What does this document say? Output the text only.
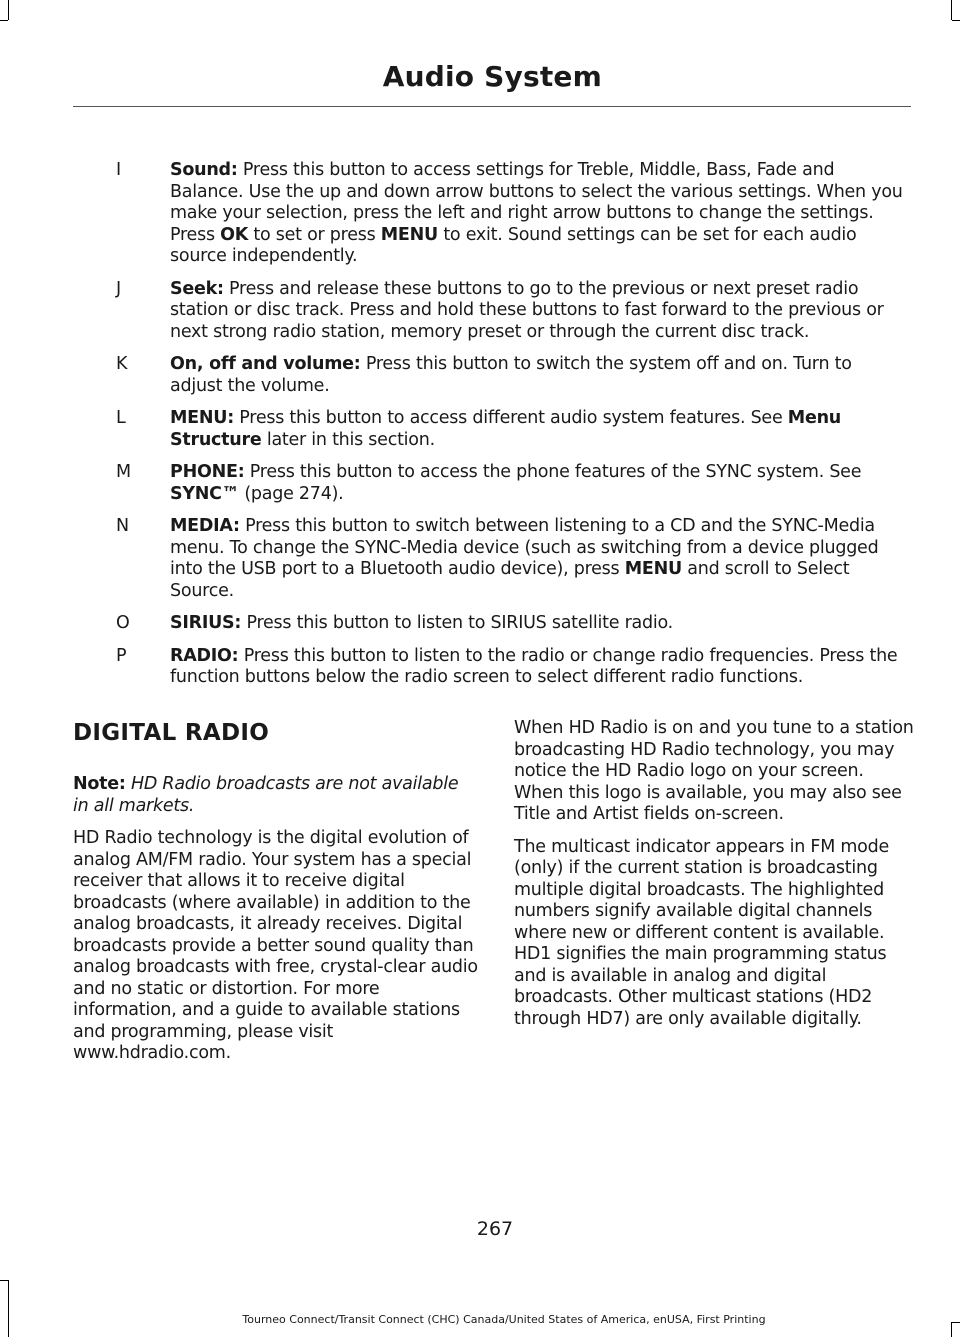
Audio System
I	Sound: Press this button to access settings for Treble, Middle, Bass, Fade and Balance. Use the up and down arrow buttons to select the various settings. When you make your selection, press the left and right arrow buttons to change the settings. Press OK to set or press MENU to exit. Sound settings can be set for each audio source independently.
J	Seek: Press and release these buttons to go to the previous or next preset radio station or disc track. Press and hold these buttons to fast forward to the previous or next strong radio station, memory preset or through the current disc track.
K On, off and volume: Press this button to switch the system off and on. Turn to adjust the volume.
L	MENU: Press this button to access different audio system features. See Menu Structure later in this section.
M PHONE: Press this button to access the phone features of the SYNC system. See SYNC™ (page 274).
N MEDIA: Press this button to switch between listening to a CD and the SYNC-Media menu. To change the SYNC-Media device (such as switching from a device plugged into the USB port to a Bluetooth audio device), press MENU and scroll to Select Source.
O SIRIUS: Press this button to listen to SIRIUS satellite radio.
P RADIO: Press this button to listen to the radio or change radio frequencies. Press the function buttons below the radio screen to select different radio functions.
DIGITAL RADIO

Note: HD Radio broadcasts are not available in all markets.

HD Radio technology is the digital evolution of analog AM/FM radio. Your system has a special receiver that allows it to receive digital broadcasts (where available) in addition to the analog broadcasts, it already receives. Digital broadcasts provide a better sound quality than analog broadcasts with free, crystal-clear audio and no static or distortion. For more information, and a guide to available stations and programming, please visit www.hdradio.com.

When HD Radio is on and you tune to a station broadcasting HD Radio technology, you may notice the HD Radio logo on your screen. When this logo is available, you may also see Title and Artist fields on-screen.

The multicast indicator appears in FM mode (only) if the current station is broadcasting multiple digital broadcasts. The highlighted numbers signify available digital channels where new or different content is available. HD1 signifies the main programming status and is available in analog and digital broadcasts. Other multicast stations (HD2 through HD7) are only available digitally.

267
Tourneo Connect/Transit Connect (CHC) Canada/United States of America, enUSA, First Printing
